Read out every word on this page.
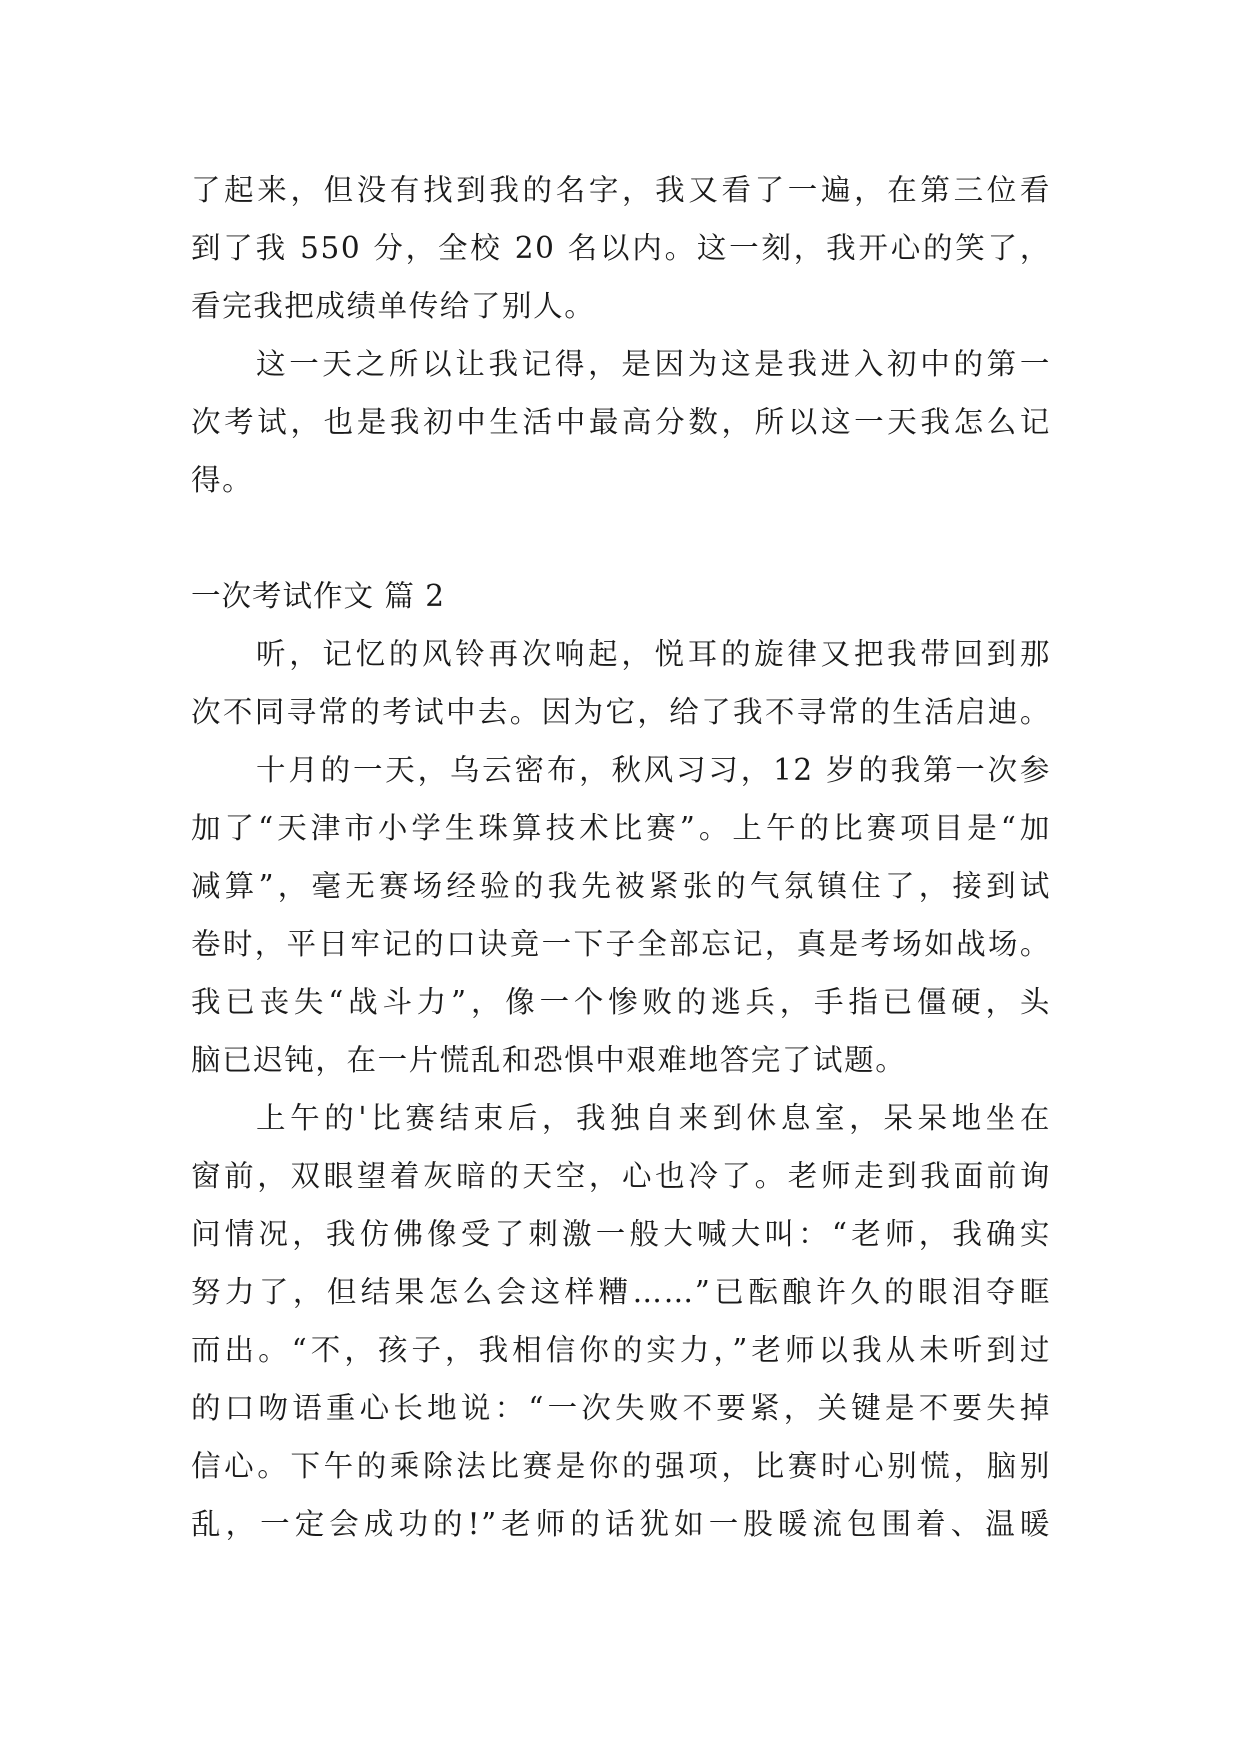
了起来，但没有找到我的名字，我又看了一遍，在第三位看
到了我 550 分，全校 20 名以内。这一刻，我开心的笑了，
看完我把成绩单传给了别人。
这一天之所以让我记得，是因为这是我进入初中的第一
次考试，也是我初中生活中最高分数，所以这一天我怎么记
得。
一次考试作文 篇 2
听，记忆的风铃再次响起，悦耳的旋律又把我带回到那
次不同寻常的考试中去。因为它，给了我不寻常的生活启迪。
十月的一天，乌云密布，秋风习习，12 岁的我第一次参
加了“天津市小学生珠算技术比赛”。上午的比赛项目是“加
减算”，毫无赛场经验的我先被紧张的气氛镇住了，接到试
卷时，平日牢记的口诀竟一下子全部忘记，真是考场如战场。
我已丧失“战斗力”，像一个惨败的逃兵，手指已僵硬，头
脑已迟钝，在一片慌乱和恐惧中艰难地答完了试题。
上午的'比赛结束后，我独自来到休息室，呆呆地坐在
窗前，双眼望着灰暗的天空，心也冷了。老师走到我面前询
问情况，我仿佛像受了刺激一般大喊大叫：“老师，我确实
努力了，但结果怎么会这样糟……”已酝酿许久的眼泪夺眶
而出。“不，孩子，我相信你的实力，”老师以我从未听到过
的口吻语重心长地说：“一次失败不要紧，关键是不要失掉
信心。下午的乘除法比赛是你的强项，比赛时心别慌，脑别
乱，一定会成功的!”老师的话犹如一股暖流包围着、温暖
